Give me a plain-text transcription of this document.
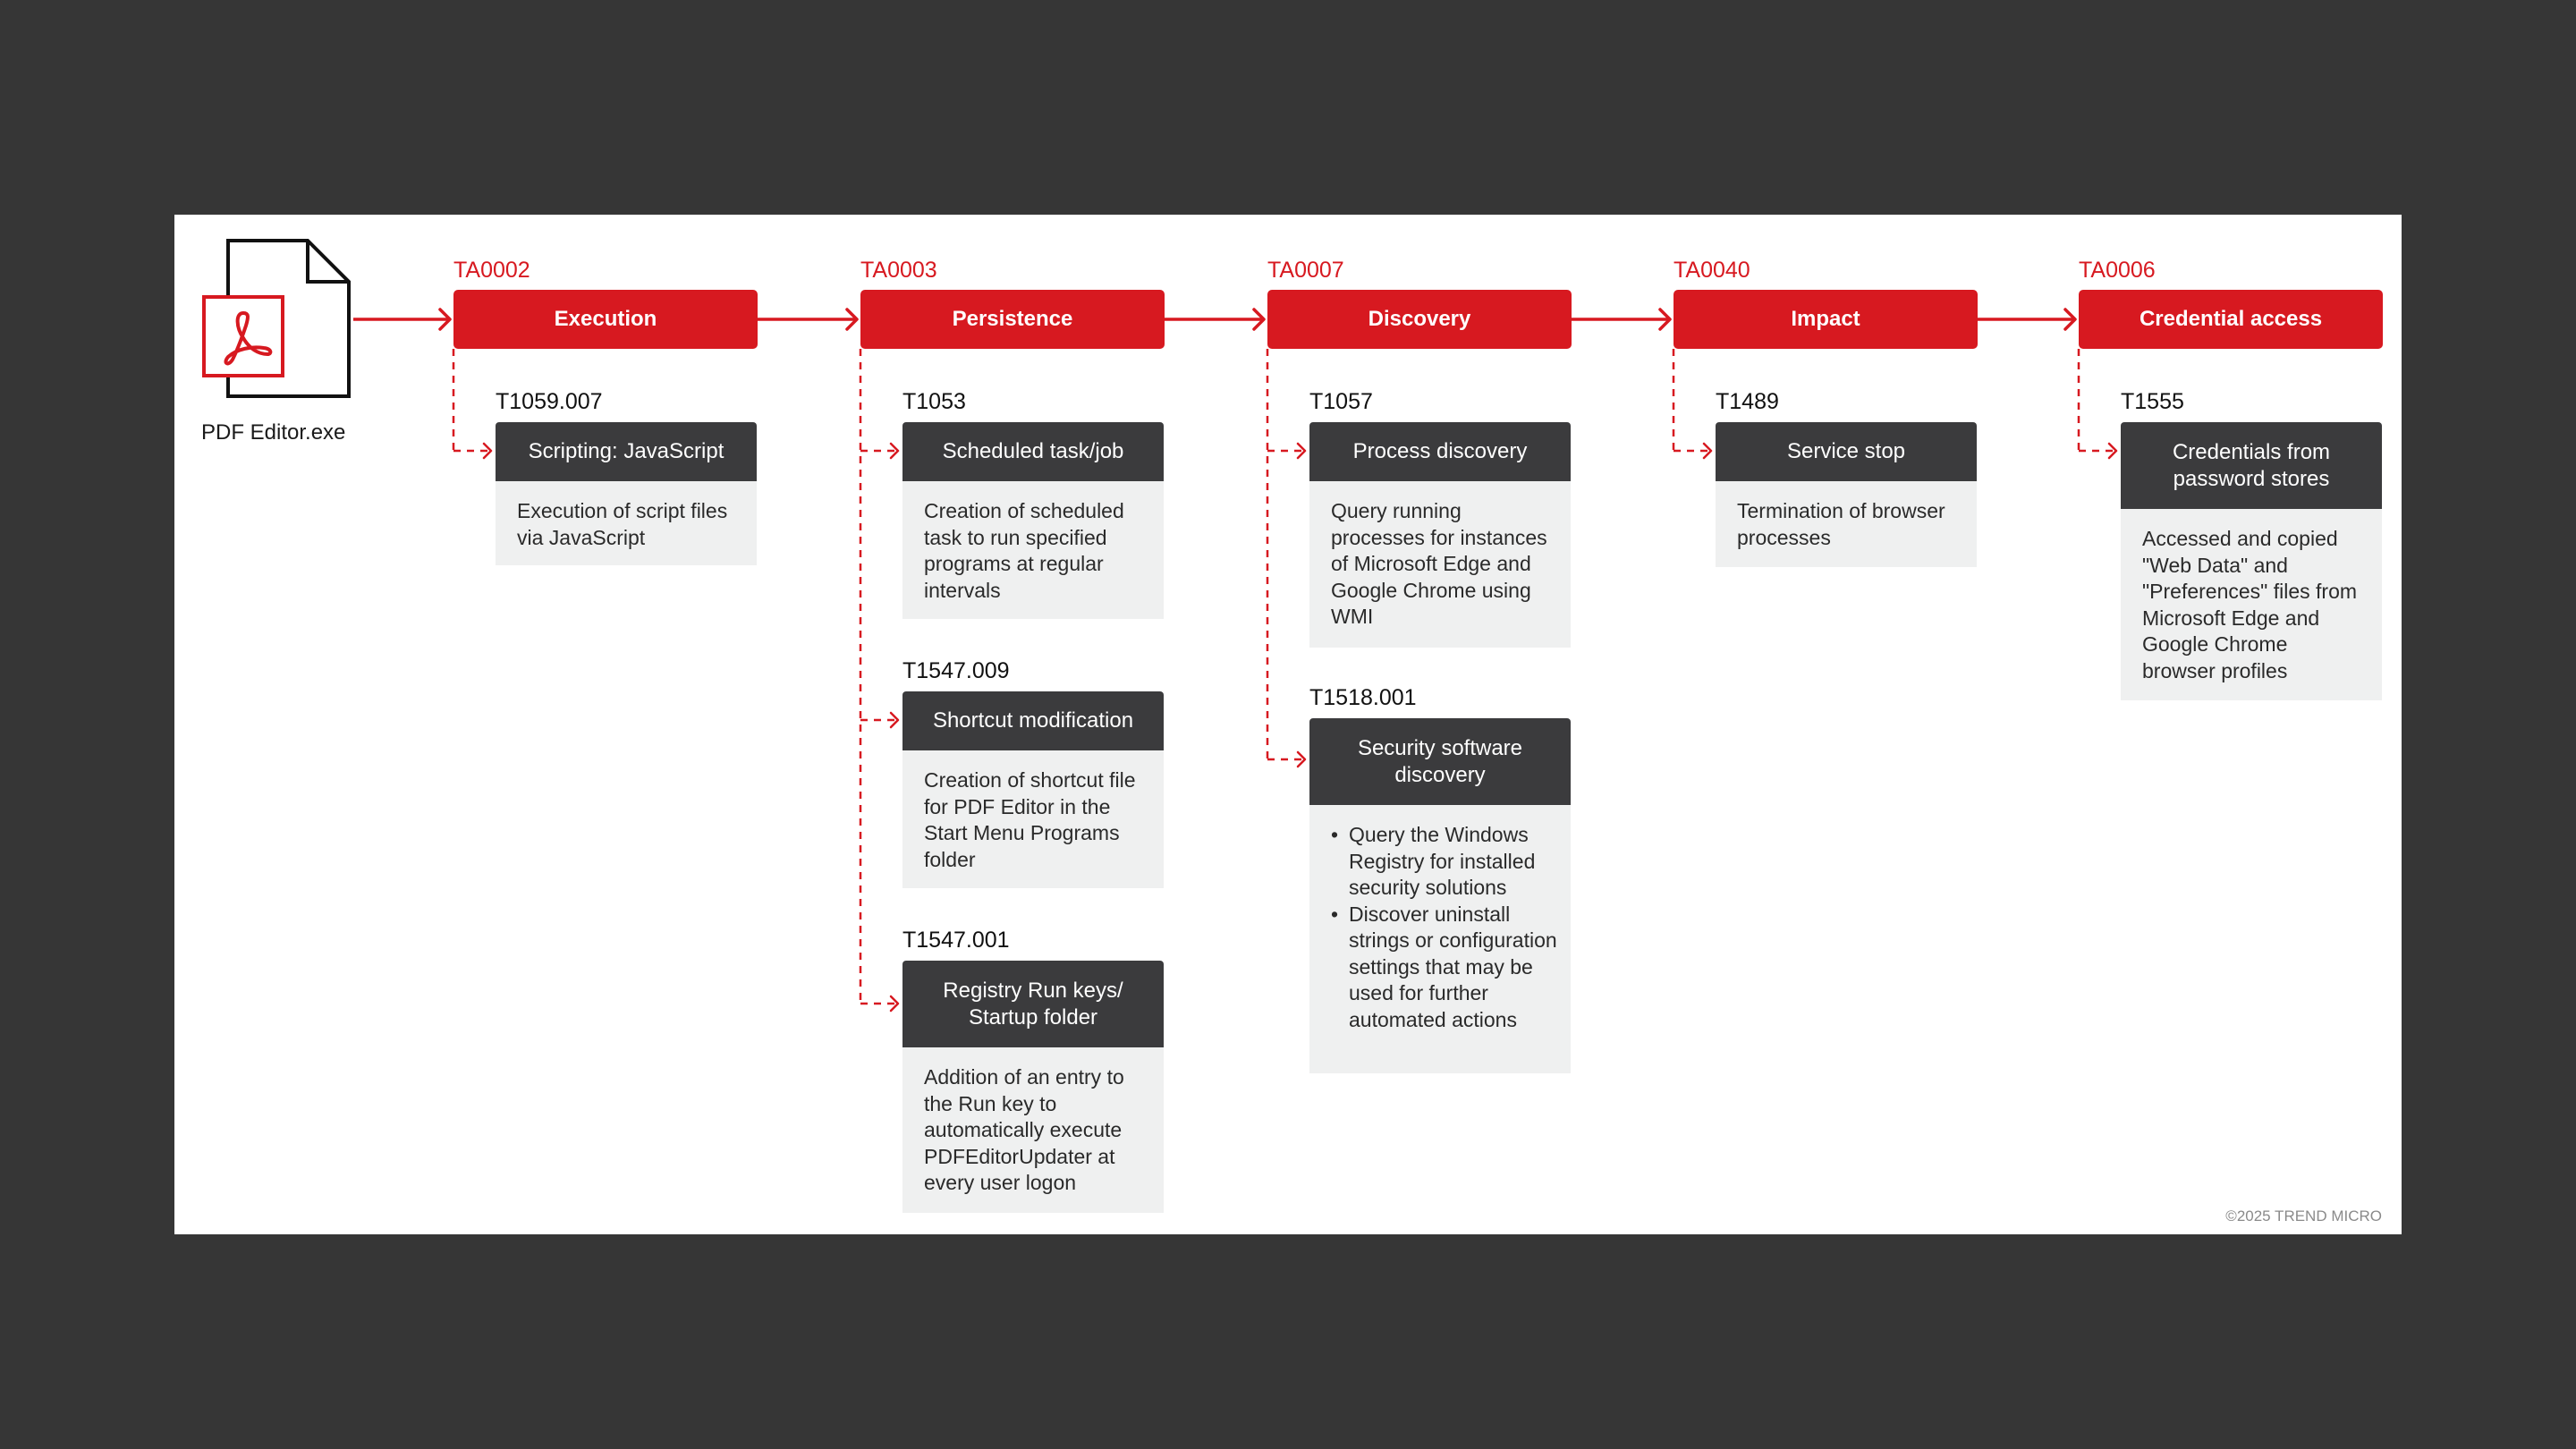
PDF Editor.exe
TA0002
Execution
T1059.007
Scripting: JavaScript
Execution of script files via JavaScript
TA0003
Persistence
T1053
Scheduled task/job
Creation of scheduled task to run specified programs at regular intervals
T1547.009
Shortcut modification
Creation of shortcut file for PDF Editor in the Start Menu Programs folder
T1547.001
Registry Run keys/ Startup folder
Addition of an entry to the Run key to automatically execute PDFEditorUpdater at every user logon
TA0007
Discovery
T1057
Process discovery
Query running processes for instances of Microsoft Edge and Google Chrome using WMI
T1518.001
Security software discovery
• Query the Windows Registry for installed security solutions
• Discover uninstall strings or configuration settings that may be used for further automated actions
TA0040
Impact
T1489
Service stop
Termination of browser processes
TA0006
Credential access
T1555
Credentials from password stores
Accessed and copied "Web Data" and "Preferences" files from Microsoft Edge and Google Chrome browser profiles
©2025 TREND MICRO
